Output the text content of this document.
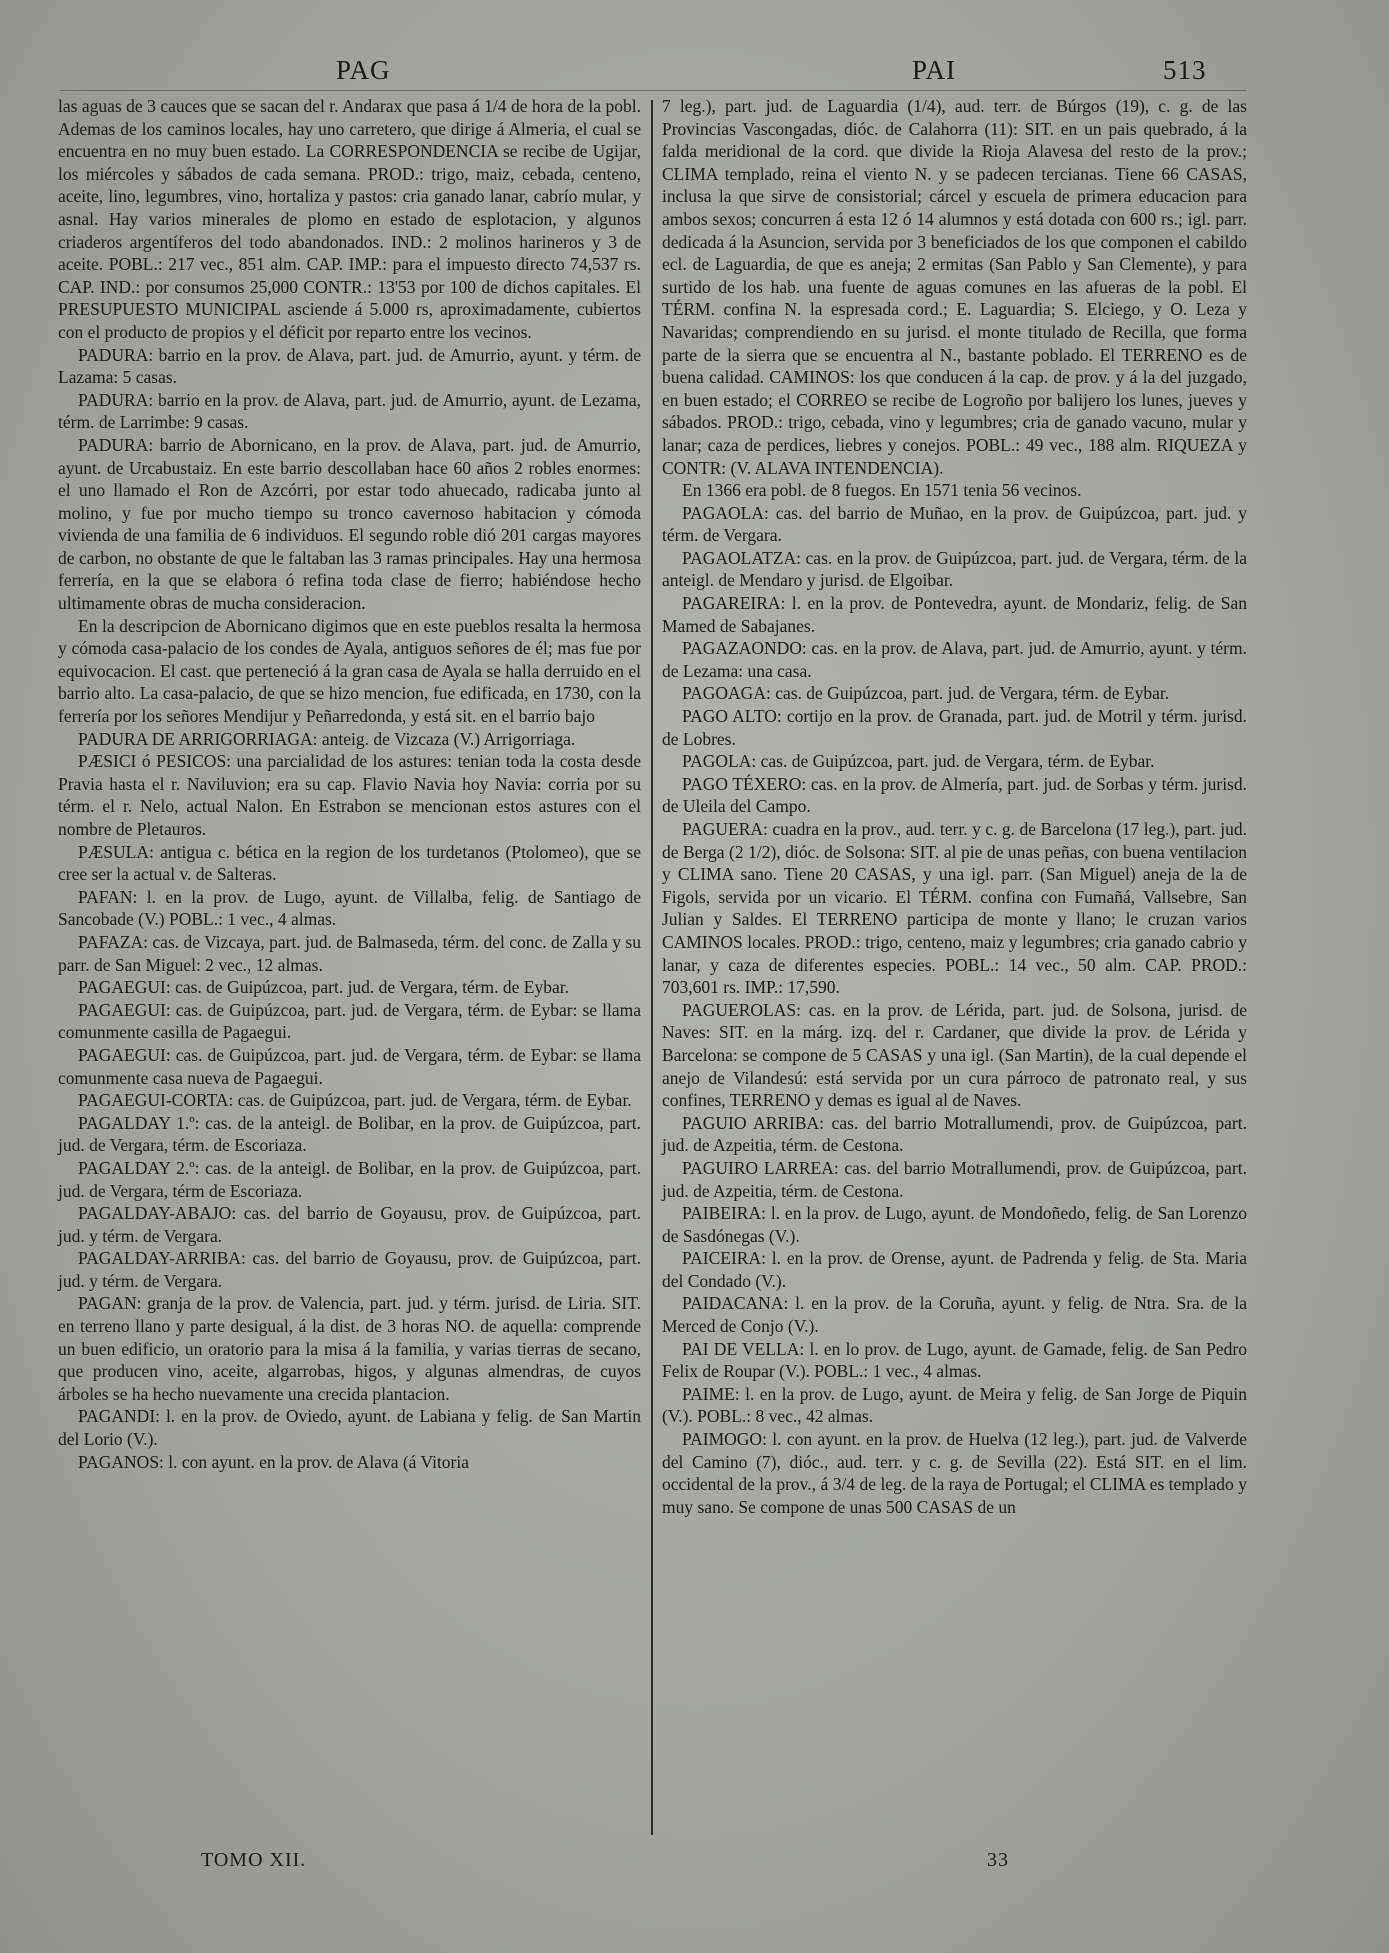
PAG	PAI	513

las aguas de 3 cauces que se sacan del r. Andarax que pasa á 1/4 de hora de la pobl. Ademas de los caminos locales, hay uno carretero, que dirige á Almeria, el cual se encuentra en no muy buen estado. La CORRESPONDENCIA se recibe de Ugijar, los miércoles y sábados de cada semana. PROD.: trigo, maiz, cebada, centeno, aceite, lino, legumbres, vino, hortaliza y pastos: cria ganado lanar, cabrío mular, y asnal. Hay varios minerales de plomo en estado de esplotacion, y algunos criaderos argentíferos del todo abandonados. IND.: 2 molinos harineros y 3 de aceite. POBL.: 217 vec., 851 alm. CAP. IMP.: para el impuesto directo 74,537 rs. CAP. IND.: por consumos 25,000 CONTR.: 13'53 por 100 de dichos capitales. El PRESUPUESTO MUNICIPAL asciende á 5.000 rs, aproximadamente, cubiertos con el producto de propios y el déficit por reparto entre los vecinos.

PADURA: barrio en la prov. de Alava, part. jud. de Amurrio, ayunt. y térm. de Lazama: 5 casas.

PADURA: barrio en la prov. de Alava, part. jud. de Amurrio, ayunt. de Lezama, térm. de Larrimbe: 9 casas.

PADURA: barrio de Abornicano, en la prov. de Alava, part. jud. de Amurrio, ayunt. de Urcabustaiz. En este barrio descollaban hace 60 años 2 robles enormes: el uno llamado el Ron de Azcórri, por estar todo ahuecado, radicaba junto al molino, y fue por mucho tiempo su tronco cavernoso habitacion y cómoda vivienda de una familia de 6 individuos. El segundo roble dió 201 cargas mayores de carbon, no obstante de que le faltaban las 3 ramas principales. Hay una hermosa ferrería, en la que se elabora ó refina toda clase de fierro; habiéndose hecho ultimamente obras de mucha consideracion.

En la descripcion de Abornicano digimos que en este pueblos resalta la hermosa y cómoda casa-palacio de los condes de Ayala, antiguos señores de él; mas fue por equivocacion. El cast. que perteneció á la gran casa de Ayala se halla derruido en el barrio alto. La casa-palacio, de que se hizo mencion, fue edificada, en 1730, con la ferrería por los señores Mendijur y Peñarredonda, y está sit. en el barrio bajo

PADURA DE ARRIGORRIAGA: anteig. de Vizcaza (V.) Arrigorriaga.

PÆSICI ó PESICOS: una parcialidad de los astures: tenian toda la costa desde Pravia hasta el r. Naviluvion; era su cap. Flavio Navia hoy Navia: corria por su térm. el r. Nelo, actual Nalon. En Estrabon se mencionan estos astures con el nombre de Pletauros.

PÆSULA: antigua c. bética en la region de los turdetanos (Ptolomeo), que se cree ser la actual v. de Salteras.

PAFAN: l. en la prov. de Lugo, ayunt. de Villalba, felig. de Santiago de Sancobade (V.) POBL.: 1 vec., 4 almas.

PAFAZA: cas. de Vizcaya, part. jud. de Balmaseda, térm. del conc. de Zalla y su parr. de San Miguel: 2 vec., 12 almas.

PAGAEGUI: cas. de Guipúzcoa, part. jud. de Vergara, térm. de Eybar.

PAGAEGUI: cas. de Guipúzcoa, part. jud. de Vergara, térm. de Eybar: se llama comunmente casilla de Pagaegui.

PAGAEGUI: cas. de Guipúzcoa, part. jud. de Vergara, térm. de Eybar: se llama comunmente casa nueva de Pagaegui.

PAGAEGUI-CORTA: cas. de Guipúzcoa, part. jud. de Vergara, térm. de Eybar.

PAGALDAY 1.º: cas. de la anteigl. de Bolibar, en la prov. de Guipúzcoa, part. jud. de Vergara, térm. de Escoriaza.

PAGALDAY 2.º: cas. de la anteigl. de Bolibar, en la prov. de Guipúzcoa, part. jud. de Vergara, térm de Escoriaza.

PAGALDAY-ABAJO: cas. del barrio de Goyausu, prov. de Guipúzcoa, part. jud. y térm. de Vergara.

PAGALDAY-ARRIBA: cas. del barrio de Goyausu, prov. de Guipúzcoa, part. jud. y térm. de Vergara.

PAGAN: granja de la prov. de Valencia, part. jud. y térm. jurisd. de Liria. SIT. en terreno llano y parte desigual, á la dist. de 3 horas NO. de aquella: comprende un buen edificio, un oratorio para la misa á la familia, y varias tierras de secano, que producen vino, aceite, algarrobas, higos, y algunas almendras, de cuyos árboles se ha hecho nuevamente una crecida plantacion.

PAGANDI: l. en la prov. de Oviedo, ayunt. de Labiana y felig. de San Martin del Lorio (V.).

PAGANOS: l. con ayunt. en la prov. de Alava (á Vitoria

7 leg.), part. jud. de Laguardia (1/4), aud. terr. de Búrgos (19), c. g. de las Provincias Vascongadas, dióc. de Calahorra (11): SIT. en un pais quebrado, á la falda meridional de la cord. que divide la Rioja Alavesa del resto de la prov.; CLIMA templado, reina el viento N. y se padecen tercianas. Tiene 66 CASAS, inclusa la que sirve de consistorial; cárcel y escuela de primera educacion para ambos sexos; concurren á esta 12 ó 14 alumnos y está dotada con 600 rs.; igl. parr. dedicada á la Asuncion, servida por 3 beneficiados de los que componen el cabildo ecl. de Laguardia, de que es aneja; 2 ermitas (San Pablo y San Clemente), y para surtido de los hab. una fuente de aguas comunes en las afueras de la pobl. El TÉRM. confina N. la espresada cord.; E. Laguardia; S. Elciego, y O. Leza y Navaridas; comprendiendo en su jurisd. el monte titulado de Recilla, que forma parte de la sierra que se encuentra al N., bastante poblado. El TERRENO es de buena calidad. CAMINOS: los que conducen á la cap. de prov. y á la del juzgado, en buen estado; el CORREO se recibe de Logroño por balijero los lunes, jueves y sábados. PROD.: trigo, cebada, vino y legumbres; cria de ganado vacuno, mular y lanar; caza de perdices, liebres y conejos. POBL.: 49 vec., 188 alm. RIQUEZA y CONTR: (V. ALAVA INTENDENCIA).

En 1366 era pobl. de 8 fuegos. En 1571 tenia 56 vecinos.

PAGAOLA: cas. del barrio de Muñao, en la prov. de Guipúzcoa, part. jud. y térm. de Vergara.

PAGAOLATZA: cas. en la prov. de Guipúzcoa, part. jud. de Vergara, térm. de la anteigl. de Mendaro y jurisd. de Elgoibar.

PAGAREIRA: l. en la prov. de Pontevedra, ayunt. de Mondariz, felig. de San Mamed de Sabajanes.

PAGAZAONDO: cas. en la prov. de Alava, part. jud. de Amurrio, ayunt. y térm. de Lezama: una casa.

PAGOAGA: cas. de Guipúzcoa, part. jud. de Vergara, térm. de Eybar.

PAGO ALTO: cortijo en la prov. de Granada, part. jud. de Motril y térm. jurisd. de Lobres.

PAGOLA: cas. de Guipúzcoa, part. jud. de Vergara, térm. de Eybar.

PAGO TÉXERO: cas. en la prov. de Almería, part. jud. de Sorbas y térm. jurisd. de Uleila del Campo.

PAGUERA: cuadra en la prov., aud. terr. y c. g. de Barcelona (17 leg.), part. jud. de Berga (2 1/2), dióc. de Solsona: SIT. al pie de unas peñas, con buena ventilacion y CLIMA sano. Tiene 20 CASAS, y una igl. parr. (San Miguel) aneja de la de Figols, servida por un vicario. El TÉRM. confina con Fumañá, Vallsebre, San Julian y Saldes. El TERRENO participa de monte y llano; le cruzan varios CAMINOS locales. PROD.: trigo, centeno, maiz y legumbres; cria ganado cabrio y lanar, y caza de diferentes especies. POBL.: 14 vec., 50 alm. CAP. PROD.: 703,601 rs. IMP.: 17,590.

PAGUEROLAS: cas. en la prov. de Lérida, part. jud. de Solsona, jurisd. de Naves: SIT. en la márg. izq. del r. Cardaner, que divide la prov. de Lérida y Barcelona: se compone de 5 CASAS y una igl. (San Martin), de la cual depende el anejo de Vilandesú: está servida por un cura párroco de patronato real, y sus confines, TERRENO y demas es igual al de Naves.

PAGUIO ARRIBA: cas. del barrio Motrallumendi, prov. de Guipúzcoa, part. jud. de Azpeitia, térm. de Cestona.

PAGUIRO LARREA: cas. del barrio Motrallumendi, prov. de Guipúzcoa, part. jud. de Azpeitia, térm. de Cestona.

PAIBEIRA: l. en la prov. de Lugo, ayunt. de Mondoñedo, felig. de San Lorenzo de Sasdónegas (V.).

PAICEIRA: l. en la prov. de Orense, ayunt. de Padrenda y felig. de Sta. Maria del Condado (V.).

PAIDACANA: l. en la prov. de la Coruña, ayunt. y felig. de Ntra. Sra. de la Merced de Conjo (V.).

PAI DE VELLA: l. en lo prov. de Lugo, ayunt. de Gamade, felig. de San Pedro Felix de Roupar (V.). POBL.: 1 vec., 4 almas.

PAIME: l. en la prov. de Lugo, ayunt. de Meira y felig. de San Jorge de Piquin (V.). POBL.: 8 vec., 42 almas.

PAIMOGO: l. con ayunt. en la prov. de Huelva (12 leg.), part. jud. de Valverde del Camino (7), dióc., aud. terr. y c. g. de Sevilla (22). Está SIT. en el lim. occidental de la prov., á 3/4 de leg. de la raya de Portugal; el CLIMA es templado y muy sano. Se compone de unas 500 CASAS de un

TOMO XII.	33
